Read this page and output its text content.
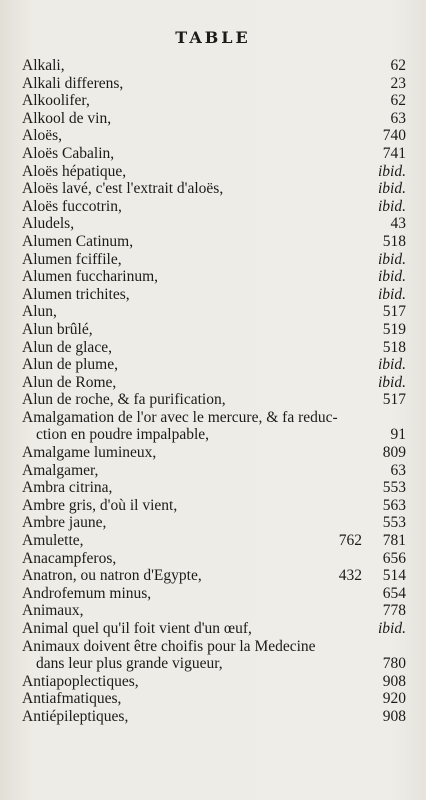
TABLE
Alkali,	62
Alkali differens,	23
Alkoolifer,	62
Alkool de vin,	63
Aloës,	740
Aloës Cabalin,	741
Aloës hépatique,	ibid.
Aloës lavé, c'est l'extrait d'aloës,	ibid.
Aloës fuccotrin,	ibid.
Aludels,	43
Alumen Catinum,	518
Alumen fciffile,	ibid.
Alumen fuccharinum,	ibid.
Alumen trichites,	ibid.
Alun,	517
Alun brûlé,	519
Alun de glace,	518
Alun de plume,	ibid.
Alun de Rome,	ibid.
Alun de roche, & fa purification,	517
Amalgamation de l'or avec le mercure, & fa reduc-
ction en poudre impalpable,	91
Amalgame lumineux,	809
Amalgamer,	63
Ambra citrina,	553
Ambre gris, d'où il vient,	563
Ambre jaune,	553
Amulette,	762 781
Anacampferos,	656
Anatron, ou natron d'Egypte,	432 514
Androfemum minus,	654
Animaux,	778
Animal quel qu'il foit vient d'un œuf,	ibid.
Animaux doivent être choifis pour la Medecine
dans leur plus grande vigueur,	780
Antiapoplectiques,	908
Antiafmatiques,	920
Antiépileptiques,	908
